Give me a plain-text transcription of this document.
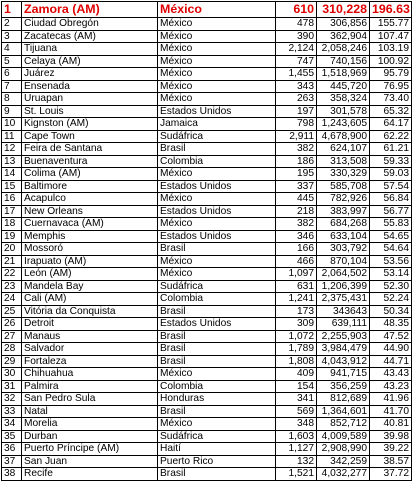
1	Zamora (AM)	México	610	310,228	196.63
2	Ciudad Obregón	México	478	306,856	155.77
3	Zacatecas (AM)	México	390	362,904	107.47
4	Tijuana	México	2,124	2,058,246	103.19
5	Celaya (AM)	México	747	740,156	100.92
6	Juárez	México	1,455	1,518,969	95.79
7	Ensenada	México	343	445,720	76.95
8	Uruapan	México	263	358,324	73.40
9	St. Louis	Estados Unidos	197	301,578	65.32
10	Kignston (AM)	Jamaica	798	1,243,605	64.17
11	Cape Town	Sudáfrica	2,911	4,678,900	62.22
12	Feira de Santana	Brasil	382	624,107	61.21
13	Buenaventura	Colombia	186	313,508	59.33
14	Colima (AM)	México	195	330,329	59.03
15	Baltimore	Estados Unidos	337	585,708	57.54
16	Acapulco	México	445	782,926	56.84
17	New Orleans	Estados Unidos	218	383,997	56.77
18	Cuernavaca (AM)	México	382	684,268	55.83
19	Memphis	Estados Unidos	346	633,104	54.65
20	Mossoró	Brasil	166	303,792	54.64
21	Irapuato (AM)	México	466	870,104	53.56
22	León (AM)	México	1,097	2,064,502	53.14
23	Mandela Bay	Sudáfrica	631	1,206,399	52.30
24	Cali (AM)	Colombia	1,241	2,375,431	52.24
25	Vitória da Conquista	Brasil	173	343643	50.34
26	Detroit	Estados Unidos	309	639,111	48.35
27	Manaus	Brasil	1,072	2,255,903	47.52
28	Salvador	Brasil	1,789	3,984,479	44.90
29	Fortaleza	Brasil	1,808	4,043,912	44.71
30	Chihuahua	México	409	941,715	43.43
31	Palmira	Colombia	154	356,259	43.23
32	San Pedro Sula	Honduras	341	812,689	41.96
33	Natal	Brasil	569	1,364,601	41.70
34	Morelia	México	348	852,712	40.81
35	Durban	Sudáfrica	1,603	4,009,589	39.98
36	Puerto Príncipe (AM)	Haití	1,127	2,908,990	39.22
37	San Juan	Puerto Rico	132	342,259	38.57
38	Recife	Brasil	1,521	4,032,277	37.72
